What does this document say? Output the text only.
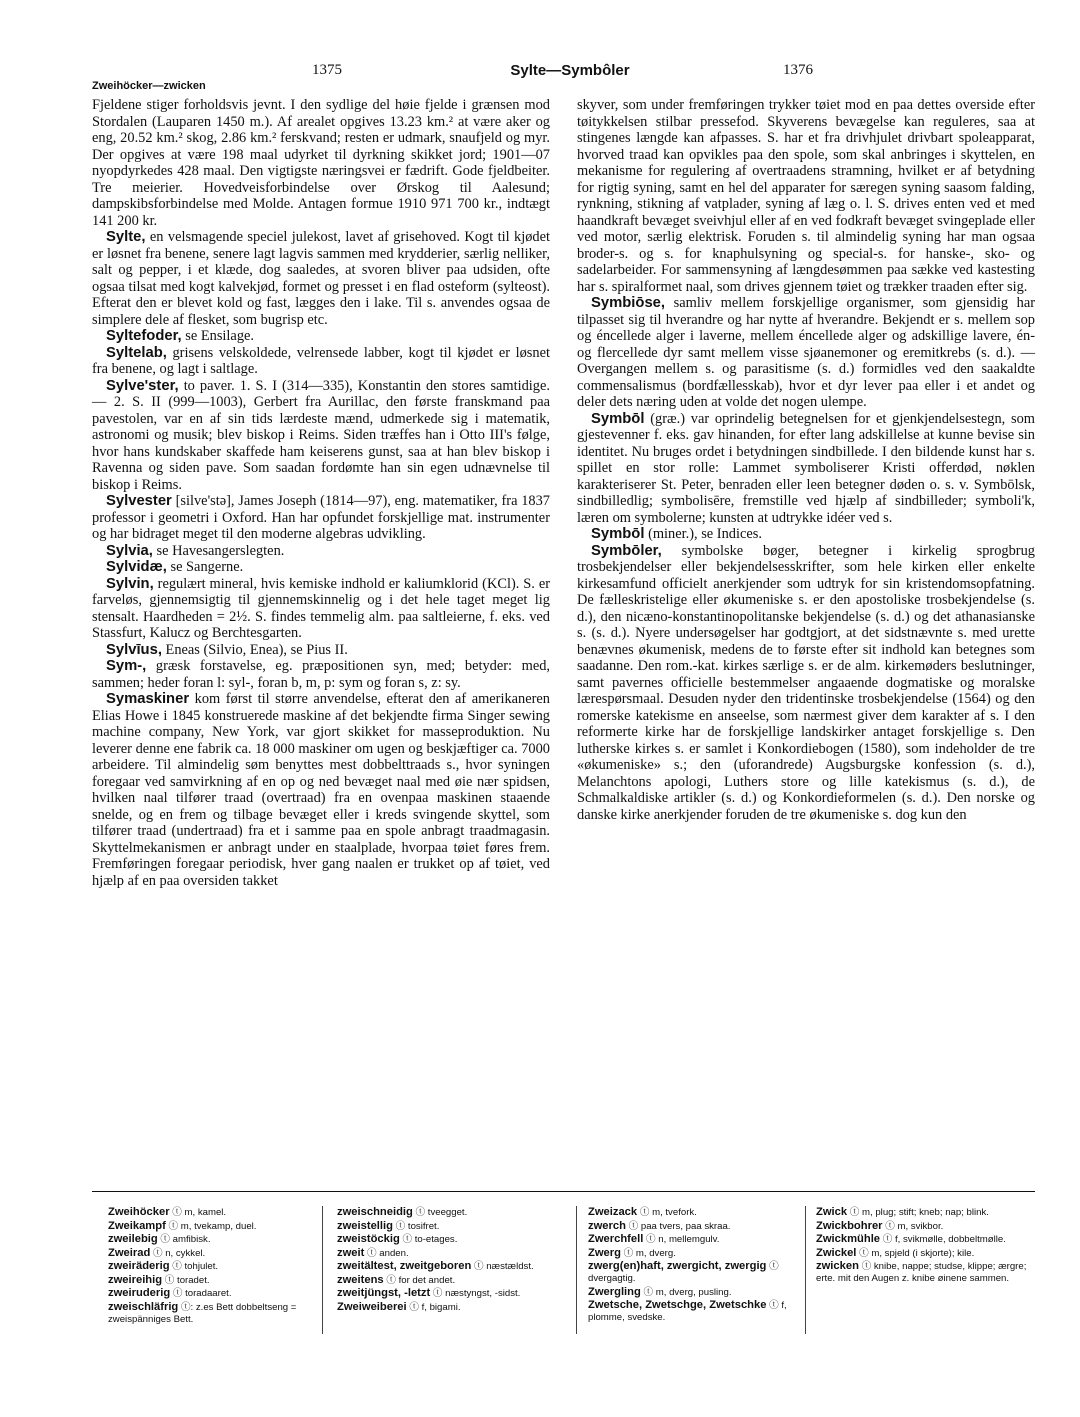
1375	Sylte—Symbôler	1376
Zweihöcker—zwicken

Fjeldene stiger forholdsvis jevnt. I den sydlige del høie fjelde i grænsen mod Stordalen (Lauparen 1450 m.). Af arealet opgives 13.23 km.² at være aker og eng, 20.52 km.² skog, 2.86 km.² ferskvand; resten er udmark, snaufjeld og myr. Der opgives at være 198 maal udyrket til dyrkning skikket jord; 1901—07 nyopdyrkedes 428 maal. Den vigtigste næringsvei er fædrift. Gode fjeldbeiter. Tre meierier. Hovedveisforbindelse over Ørskog til Aalesund; dampskibsforbindelse med Molde. Antagen formue 1910 971 700 kr., indtægt 141 200 kr.

Sylte, en velsmagende speciel julekost, lavet af grisehoved. Kogt til kjødet er løsnet fra benene, senere lagt lagvis sammen med krydderier, særlig nelliker, salt og pepper, i et klæde, dog saaledes, at svoren bliver paa udsiden, ofte ogsaa tilsat med kogt kalvekjød, formet og presset i en flad osteform (sylteost). Efterat den er blevet kold og fast, lægges den i lake. Til s. anvendes ogsaa de simplere dele af flesket, som bugrisp etc.

Syltefoder, se Ensilage.

Syltelab, grisens velskoldede, velrensede labber, kogt til kjødet er løsnet fra benene, og lagt i saltlage.

Sylve'ster, to paver. 1. S. I (314—335), Konstantin den stores samtidige. — 2. S. II (999—1003), Gerbert fra Aurillac, den første franskmand paa pavestolen, var en af sin tids lærdeste mænd, udmerkede sig i matematik, astronomi og musik; blev biskop i Reims. Siden træffes han i Otto III's følge, hvor hans kundskaber skaffede ham keiserens gunst, saa at han blev biskop i Ravenna og siden pave. Som saadan fordømte han sin egen udnævnelse til biskop i Reims.

Sylvester [silve'stə], James Joseph (1814—97), eng. matematiker, fra 1837 professor i geometri i Oxford. Han har opfundet forskjellige mat. instrumenter og har bidraget meget til den moderne algebras udvikling.

Sylvia, se Havesangerslegten.

Sylvidæ, se Sangerne.

Sylvin, regulært mineral, hvis kemiske indhold er kaliumklorid (KCl). S. er farveløs, gjennemsigtig til gjennemskinnelig og i det hele taget meget lig stensalt. Haardheden = 2½. S. findes temmelig alm. paa saltleierne, f. eks. ved Stassfurt, Kalucz og Berchtesgarten.

Sylvīus, Eneas (Silvio, Enea), se Pius II.

Sym-, græsk forstavelse, eg. præpositionen syn, med; betyder: med, sammen; heder foran l: syl-, foran b, m, p: sym og foran s, z: sy.

Symaskiner kom først til større anvendelse, efterat den af amerikaneren Elias Howe i 1845 konstruerede maskine af det bekjendte firma Singer sewing machine company, New York, var gjort skikket for masseproduktion. Nu leverer denne ene fabrik ca. 18 000 maskiner om ugen og beskjæftiger ca. 7000 arbeidere. Til almindelig søm benyttes mest dobbelttraads s., hvor syningen foregaar ved samvirkning af en op og ned bevæget naal med øie nær spidsen, hvilken naal tilfører traad (overtraad) fra en ovenpaa maskinen staaende snelde, og en frem og tilbage bevæget eller i kreds svingende skyttel, som tilfører traad (undertraad) fra et i samme paa en spole anbragt traadmagasin. Skyttelmekanismen er anbragt under en staalplade, hvorpaa tøiet føres frem. Fremføringen foregaar periodisk, hver gang naalen er trukket op af tøiet, ved hjælp af en paa oversiden takket

skyver, som under fremføringen trykker tøiet mod en paa dettes overside efter tøitykkelsen stilbar pressefod. Skyverens bevægelse kan reguleres, saa at stingenes længde kan afpasses. S. har et fra drivhjulet drivbart spoleapparat, hvorved traad kan opvikles paa den spole, som skal anbringes i skyttelen, en mekanisme for regulering af overtraadens stramning, hvilket er af betydning for rigtig syning, samt en hel del apparater for særegen syning saasom falding, rynkning, stikning af vatplader, syning af læg o. l. S. drives enten ved et med haandkraft bevæget sveivhjul eller af en ved fodkraft bevæget svingeplade eller ved motor, særlig elektrisk. Foruden s. til almindelig syning har man ogsaa broder-s. og s. for knaphulsyning og special-s. for hanske-, sko- og sadelarbeider. For sammensyning af længdesømmen paa sække ved kastesting har s. spiralformet naal, som drives gjennem tøiet og trækker traaden efter sig.

Symbiōse, samliv mellem forskjellige organismer, som gjensidig har tilpasset sig til hverandre og har nytte af hverandre. Bekjendt er s. mellem sop og éncellede alger i laverne, mellem éncellede alger og adskillige lavere, én- og flercellede dyr samt mellem visse sjøanemoner og eremitkrebs (s. d.). — Overgangen mellem s. og parasitisme (s. d.) formidles ved den saakaldte commensalismus (bordfællesskab), hvor et dyr lever paa eller i et andet og deler dets næring uden at volde det nogen ulempe.

Symbōl (græ.) var oprindelig betegnelsen for et gjenkjendelsestegn, som gjestevenner f. eks. gav hinanden, for efter lang adskillelse at kunne bevise sin identitet. Nu bruges ordet i betydningen sindbillede. I den bildende kunst har s. spillet en stor rolle: Lammet symboliserer Kristi offerdød, nøklen karakteriserer St. Peter, benraden eller leen betegner døden o. s. v. Symbōlsk, sindbilledlig; symbolisēre, fremstille ved hjælp af sindbilleder; symboli'k, læren om symbolerne; kunsten at udtrykke idéer ved s.

Symbōl (miner.), se Indices.

Symbōler, symbolske bøger, betegner i kirkelig sprogbrug trosbekjendelser eller bekjendelsesskrifter, som hele kirken eller enkelte kirkesamfund officielt anerkjender som udtryk for sin kristendomsopfatning. De fælleskristelige eller økumeniske s. er den apostoliske trosbekjendelse (s. d.), den nicæno-konstantinopolitanske bekjendelse (s. d.) og det athanasianske s. (s. d.). Nyere undersøgelser har godtgjort, at det sidstnævnte s. med urette benævnes økumenisk, medens de to første efter sit indhold kan betegnes som saadanne. Den rom.-kat. kirkes særlige s. er de alm. kirkemøders beslutninger, samt pavernes officielle bestemmelser angaaende dogmatiske og moralske lærespørsmaal. Desuden nyder den tridentinske trosbekjendelse (1564) og den romerske katekisme en anseelse, som nærmest giver dem karakter af s. I den reformerte kirke har de forskjellige landskirker antaget forskjellige s. Den lutherske kirkes s. er samlet i Konkordiebogen (1580), som indeholder de tre «økumeniske» s.; den (uforandrede) Augsburgske konfession (s. d.), Melanchtons apologi, Luthers store og lille katekismus (s. d.), de Schmalkaldiske artikler (s. d.) og Konkordieformelen (s. d.). Den norske og danske kirke anerkjender foruden de tre økumeniske s. dog kun den

Zweihöcker ⓣ m, kamel.
Zweikampf ⓣ m, tvekamp, duel.
zweilebig ⓣ amfibisk.
Zweirad ⓣ n, cykkel.
zweiräderig ⓣ tohjulet.
zweireihig ⓣ toradet.
zweiruderig ⓣ toradaaret.
zweischläfrig ⓣ: z.es Bett dobbeltseng = zweispänniges Bett.
zweischneidig ⓣ tveegget.
zweistellig ⓣ tosifret.
zweistöckig ⓣ to-etages.
zweit ⓣ anden.
zweitältest, zweitgeboren ⓣ næstældst.
zweitens ⓣ for det andet.
zweitjüngst, -letzt ⓣ næstyngst, -sidst.
Zweiweiberei ⓣ f, bigami.
Zweizack ⓣ m, tvefork.
zwerch ⓣ paa tvers, paa skraa.
Zwerchfell ⓣ n, mellemgulv.
Zwerg ⓣ m, dverg.
zwerg(en)haft, zwergicht, zwergig ⓣ dvergagtig.
Zwergling ⓣ m, dverg, pusling.
Zwetsche, Zwetschge, Zwetschke ⓣ f, plomme, svedske.
Zwick ⓣ m, plug; stift; kneb; nap; blink.
Zwickbohrer ⓣ m, svikbor.
Zwickmühle ⓣ f, svikmølle, dobbeltmølle.
Zwickel ⓣ m, spjeld (i skjorte); kile.
zwicken ⓣ knibe, nappe; studse, klippe; ærgre; erte. mit den Augen z. knibe øinene sammen.
